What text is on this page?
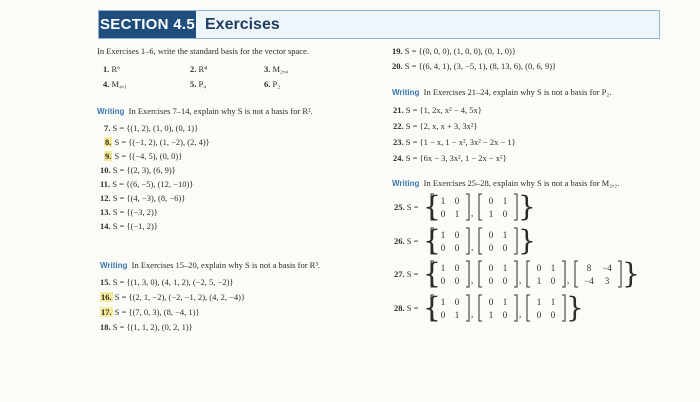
SECTION 4.5 Exercises
In Exercises 1–6, write the standard basis for the vector space.
1. R⁶	2. R⁴	3. M₂,₄
4. M₄,₁	5. P₄	6. P₂
Writing In Exercises 7–14, explain why S is not a basis for R².
7. S = {(1, 2), (1, 0), (0, 1)}
8. S = {(−1, 2), (1, −2), (2, 4)}
9. S = {(−4, 5), (0, 0)}
10. S = {(2, 3), (6, 9)}
11. S = {(6, −5), (12, −10)}
12. S = {(4, −3), (8, −6)}
13. S = {(−3, 2)}
14. S = {(−1, 2)}
Writing In Exercises 15–20, explain why S is not a basis for R³.
15. S = {(1, 3, 0), (4, 1, 2), (−2, 5, −2)}
16. S = {(2, 1, −2), (−2, −1, 2), (4, 2, −4)}
17. S = {(7, 0, 3), (8, −4, 1)}
18. S = {(1, 1, 2), (0, 2, 1)}
19. S = {(0, 0, 0), (1, 0, 0), (0, 1, 0)}
20. S = {(6, 4, 1), (3, −5, 1), (8, 13, 6), (0, 6, 9)}
Writing In Exercises 21–24, explain why S is not a basis for P₂.
21. S = {1, 2x, x² − 4, 5x}
22. S = {2, x, x + 3, 3x²}
23. S = {1 − x, 1 − x², 3x² − 2x − 1}
24. S = {6x − 3, 3x², 1 − 2x − x²}
Writing In Exercises 25–28, explain why S is not a basis for M₂,₂.
25. S = { 1 0
0 1 ,
0 1
1 0 }
26. S = { 1 0
0 0 ,
0 1
0 0 }
27. S = { 1 0
0 0 ,
0 1
0 0 ,
0 1
1 0 ,
8 −4
−4 3 }
28. S = { 1 0
0 1 ,
0 1
1 0 ,
1 1
0 0 }
